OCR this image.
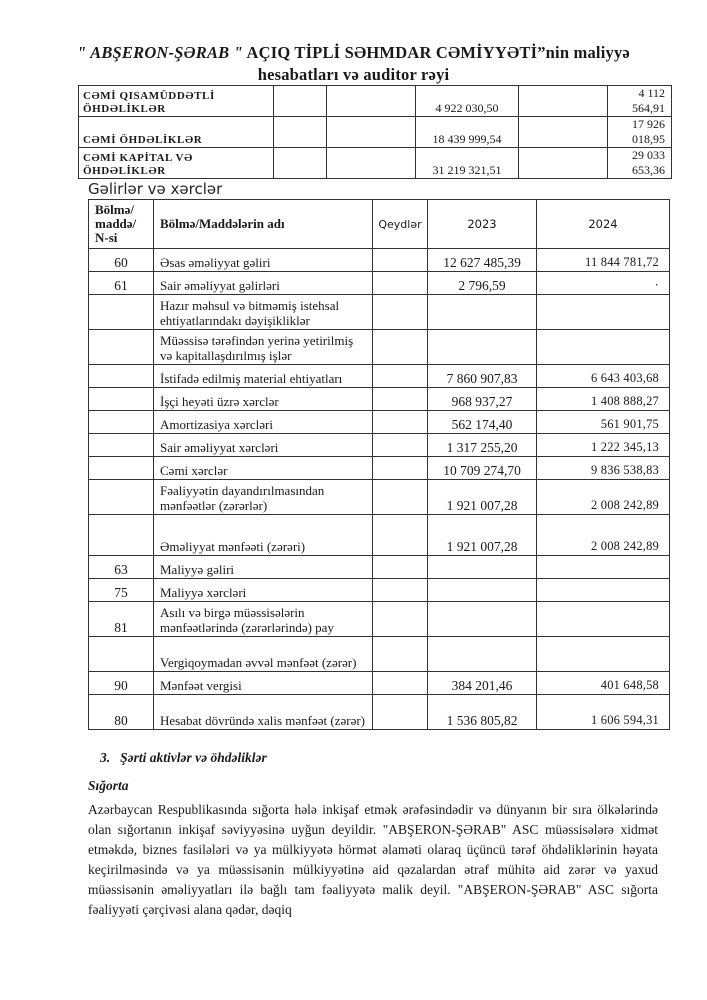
" ABŞERON-ŞƏRAB " AÇIQ TİPLİ SƏHMDAR CƏMİYYƏTİ”nin maliyyə
hesabatları və auditor rəyi
CƏMİ QISAMÜDDƏTLİ ÖHDƏLİKLƏR			4 922 030,50		4 112 564,91
CƏMİ ÖHDƏLİKLƏR			18 439 999,54		17 926 018,95
CƏMİ KAPİTAL VƏ ÖHDƏLİKLƏR			31 219 321,51		29 033 653,36
Gəlirlər və xərclər
Bölmə/ maddə/ N-si	Bölmə/Maddələrin adı	Qeydlər	2023	2024
60	Əsas əməliyyat gəliri		12 627 485,39	11 844 781,72
61	Sair əməliyyat gəlirləri		2 796,59	·
	Hazır məhsul və bitməmiş istehsal ehtiyatlarındakı dəyişikliklər			
	Müəssisə tərəfindən yerinə yetirilmiş və kapitallaşdırılmış işlər			
	İstifadə edilmiş material ehtiyatları		7 860 907,83	6 643 403,68
	İşçi heyəti üzrə xərclər		968 937,27	1 408 888,27
	Amortizasiya xərcləri		562 174,40	561 901,75
	Sair əməliyyat xərcləri		1 317 255,20	1 222 345,13
	Cəmi xərclər		10 709 274,70	9 836 538,83
	Fəaliyyətin dayandırılmasından mənfəətlər (zərərlər)		1 921 007,28	2 008 242,89
	Əməliyyat mənfəəti (zərəri)		1 921 007,28	2 008 242,89
63	Maliyyə gəliri			
75	Maliyyə xərcləri			
81	Asılı və birgə müəssisələrin mənfəətlərində (zərərlərində) pay			
	Vergiqoymadan əvvəl mənfəət (zərər)			
90	Mənfəət vergisi		384 201,46	401 648,58
80	Hesabat dövründə xalis mənfəət (zərər)		1 536 805,82	1 606 594,31
3. Şərti aktivlər və öhdəliklər
Sığorta
Azərbaycan Respublikasında sığorta hələ inkişaf etmək ərəfəsindədir və dünyanın bir sıra ölkələrində olan sığortanın inkişaf səviyyəsinə uyğun deyildir. "ABŞERON-ŞƏRAB" ASC müəssisələrə xidmət etməkdə, biznes fasilələri və ya mülkiyyətə hörmət əlaməti olaraq üçüncü tərəf öhdəliklərinin həyata keçirilməsində və ya müəssisənin mülkiyyətinə aid qəzalardan ətraf mühitə aid zərər və yaxud müəssisənin əməliyyatları ilə bağlı tam fəaliyyətə malik deyil. "ABŞERON-ŞƏRAB" ASC sığorta fəaliyyəti çərçivəsi alana qədər, dəqiq
